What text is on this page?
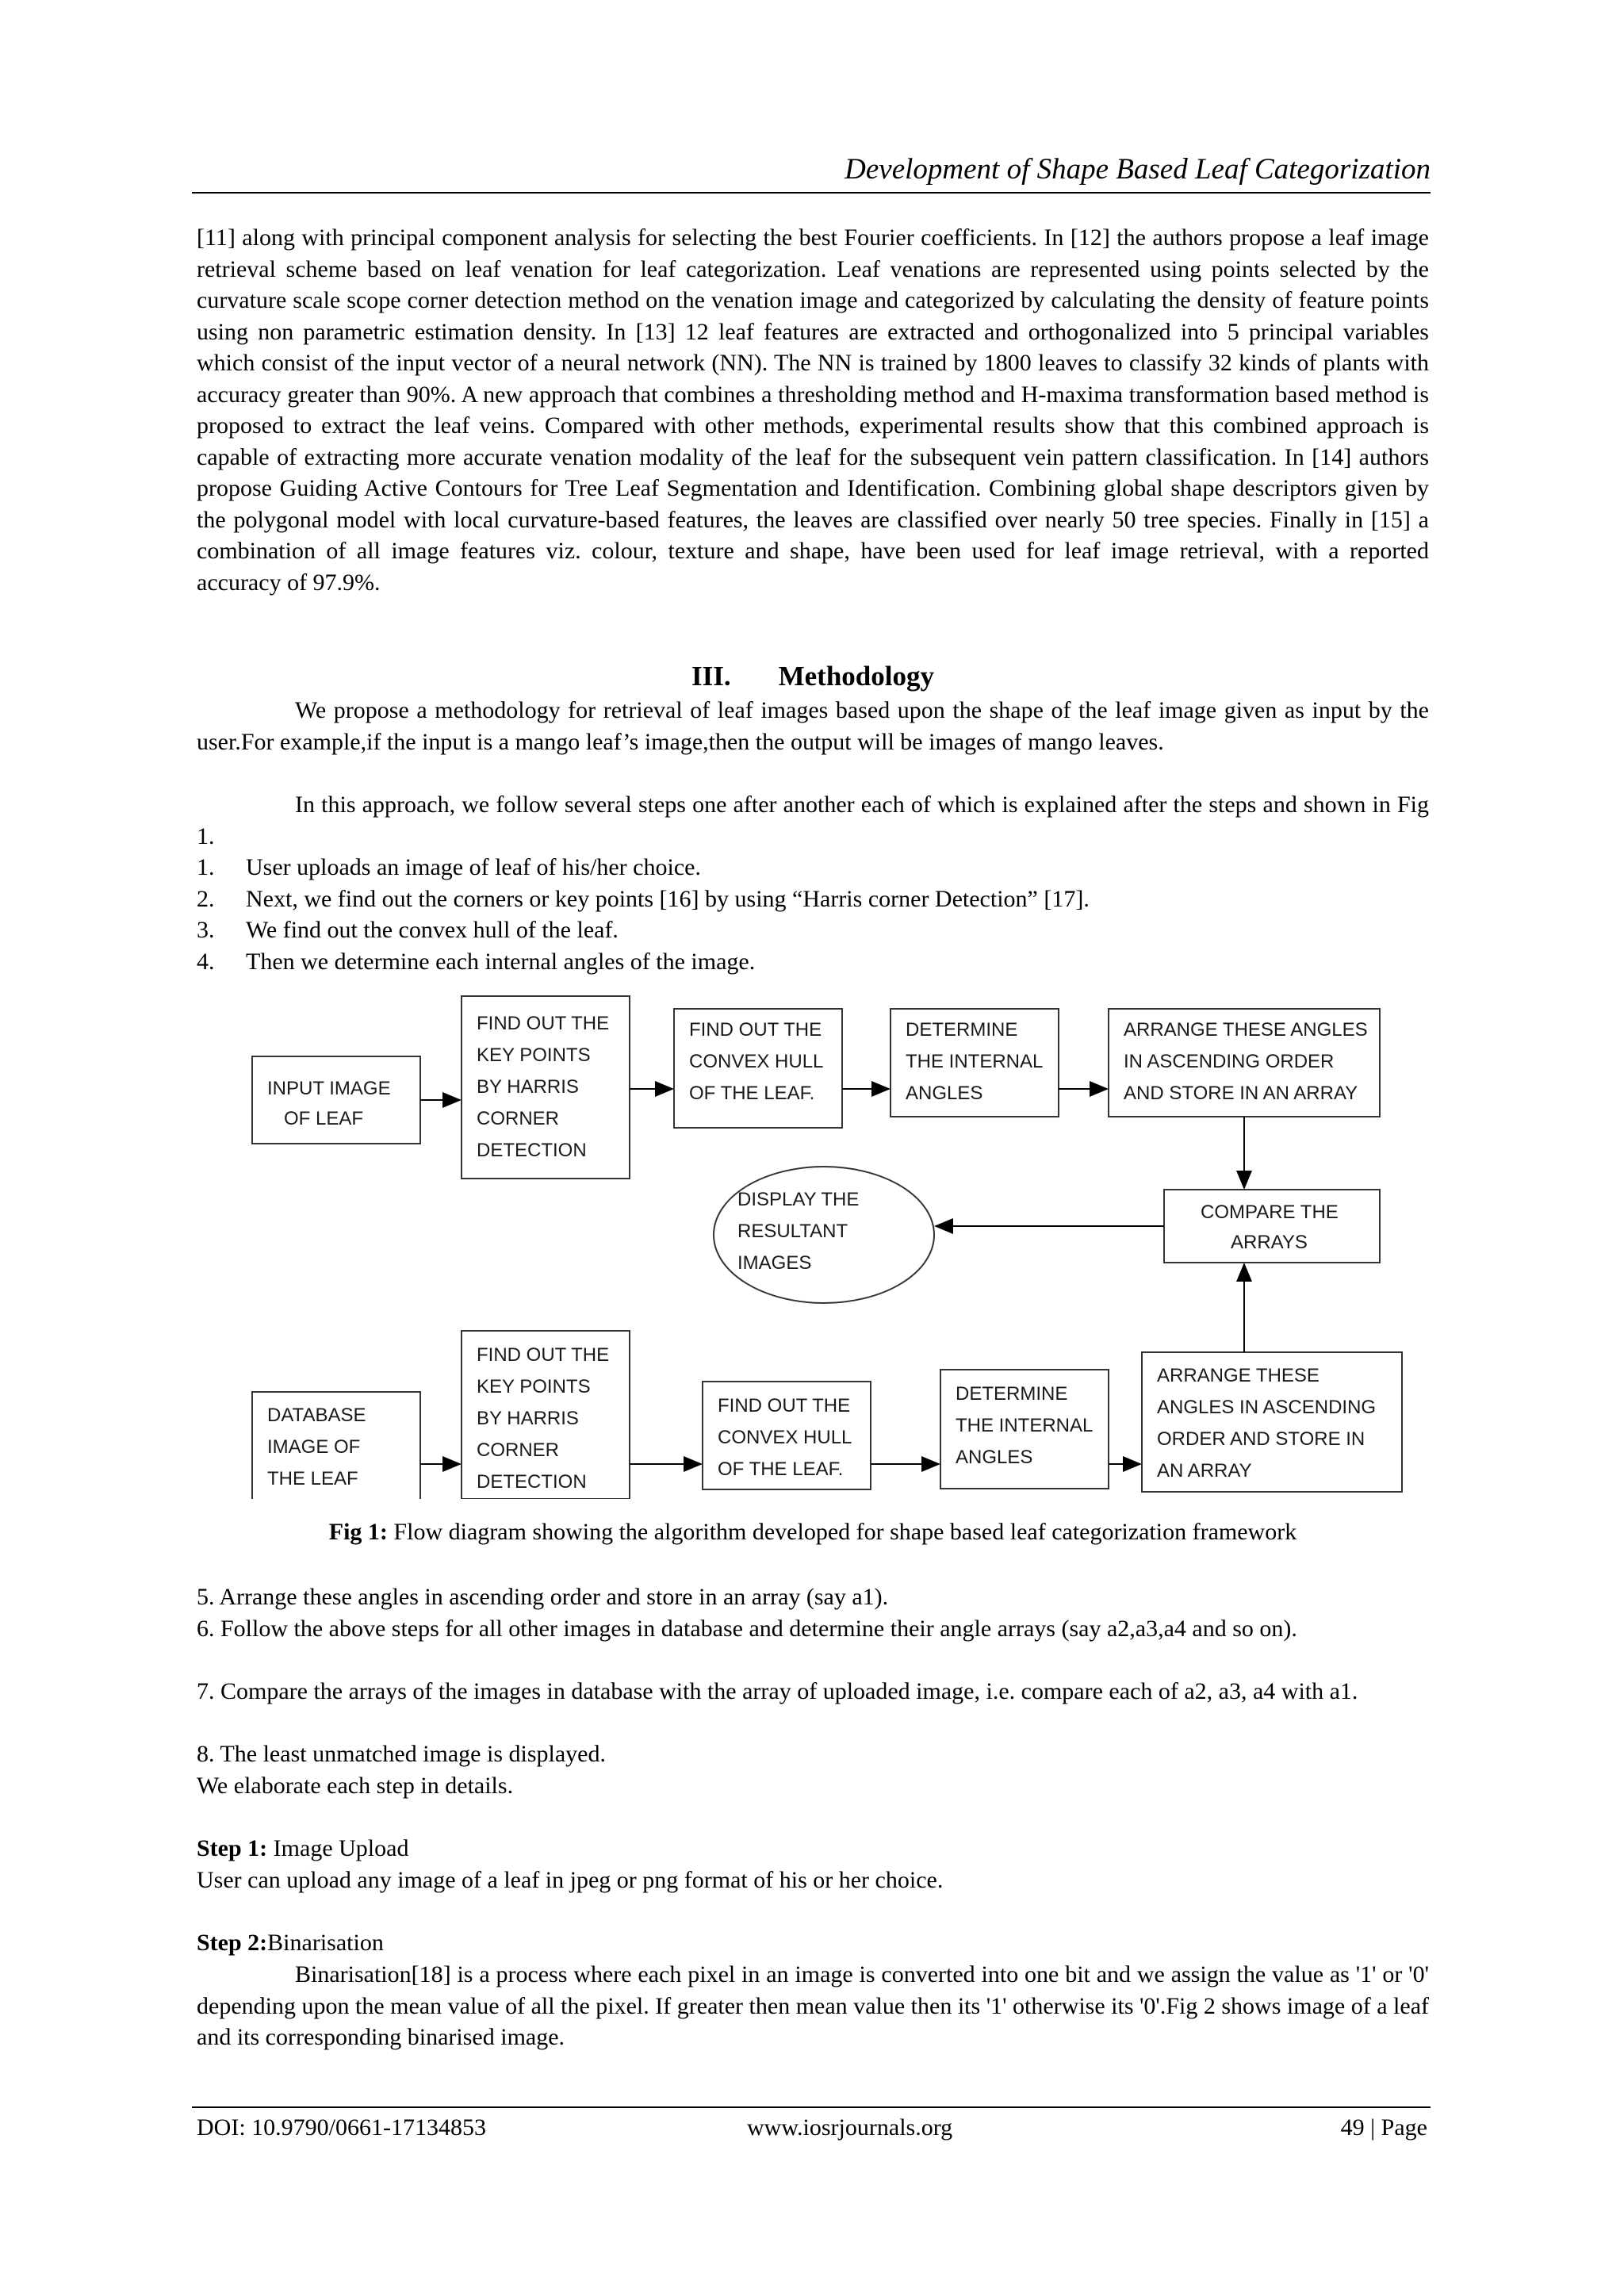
Development of Shape Based Leaf Categorization
[11] along with principal component analysis for selecting the best Fourier coefficients. In [12] the authors propose a leaf image retrieval scheme based on leaf venation for leaf categorization. Leaf venations are represented using points selected by the curvature scale scope corner detection method on the venation image and categorized by calculating the density of feature points using non parametric estimation density. In [13] 12 leaf features are extracted and orthogonalized into 5 principal variables which consist of the input vector of a neural network (NN). The NN is trained by 1800 leaves to classify 32 kinds of plants with accuracy greater than 90%. A new approach that combines a thresholding method and H-maxima transformation based method is proposed to extract the leaf veins. Compared with other methods, experimental results show that this combined approach is capable of extracting more accurate venation modality of the leaf for the subsequent vein pattern classification. In [14] authors propose Guiding Active Contours for Tree Leaf Segmentation and Identification. Combining global shape descriptors given by the polygonal model with local curvature-based features, the leaves are classified over nearly 50 tree species. Finally in [15] a combination of all image features viz. colour, texture and shape, have been used for leaf image retrieval, with a reported accuracy of 97.9%.
III. Methodology
We propose a methodology for retrieval of leaf images based upon the shape of the leaf image given as input by the user.For example,if the input is a mango leaf’s image,then the output will be images of mango leaves.
In this approach, we follow several steps one after another each of which is explained after the steps and shown in Fig 1.
1. User uploads an image of leaf of his/her choice.
2. Next, we find out the corners or key points [16] by using “Harris corner Detection” [17].
3. We find out the convex hull of the leaf.
4. Then we determine each internal angles of the image.
INPUT IMAGE
OF LEAF
FIND OUT THE
KEY POINTS
BY HARRIS
CORNER
DETECTION
FIND OUT THE
CONVEX HULL
OF THE LEAF.
DETERMINE
THE INTERNAL
ANGLES
ARRANGE THESE ANGLES
IN ASCENDING ORDER
AND STORE IN AN ARRAY
DISPLAY THE
RESULTANT
IMAGES
COMPARE THE
ARRAYS
DATABASE
IMAGE OF
THE LEAF
FIND OUT THE
KEY POINTS
BY HARRIS
CORNER
DETECTION
FIND OUT THE
CONVEX HULL
OF THE LEAF.
DETERMINE
THE INTERNAL
ANGLES
ARRANGE THESE
ANGLES IN ASCENDING
ORDER AND STORE IN
AN ARRAY
Fig 1: Flow diagram showing the algorithm developed for shape based leaf categorization framework
5. Arrange these angles in ascending order and store in an array (say a1).
6. Follow the above steps for all other images in database and determine their angle arrays (say a2,a3,a4 and so on).
7. Compare the arrays of the images in database with the array of uploaded image, i.e. compare each of a2, a3, a4 with a1.
8. The least unmatched image is displayed.
We elaborate each step in details.
Step 1: Image Upload
User can upload any image of a leaf in jpeg or png format of his or her choice.
Step 2:Binarisation
Binarisation[18] is a process where each pixel in an image is converted into one bit and we assign the value as '1' or '0' depending upon the mean value of all the pixel. If greater then mean value then its '1' otherwise its '0'.Fig 2 shows image of a leaf and its corresponding binarised image.
DOI: 10.9790/0661-17134853	www.iosrjournals.org	49 | Page
